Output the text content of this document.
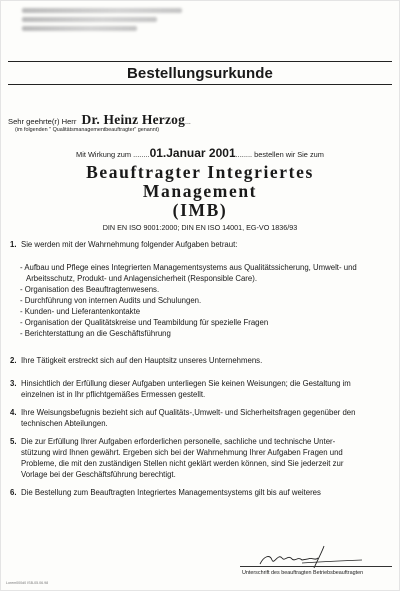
Bestellungsurkunde
Sehr geehrte(r) Herr Dr. Heinz Herzog...
(im folgenden " Qualitätsmanagementbeauftragter" genannt)
Mit Wirkung zum ........01.Januar 2001........ bestellen wir Sie zum
Beauftragter Integriertes
Management
(IMB)
DIN EN ISO 9001:2000; DIN EN ISO 14001, EG-VO 1836/93
1. Sie werden mit der Wahrnehmung folgender Aufgaben betraut:
- Aufbau und Pflege eines Integrierten Managementsystems aus Qualitätssicherung, Umwelt- und
Arbeitsschutz, Produkt- und Anlagensicherheit (Responsible Care).
- Organisation des Beauftragtenwesens.
- Durchführung von internen Audits und Schulungen.
- Kunden- und Lieferantenkontakte
- Organisation der Qualitätskreise und Teambildung für spezielle Fragen
- Berichterstattung an die Geschäftsführung
2. Ihre Tätigkeit erstreckt sich auf den Hauptsitz unseres Unternehmens.
3. Hinsichtlich der Erfüllung dieser Aufgaben unterliegen Sie keinen Weisungen; die Gestaltung im
einzelnen ist in Ihr pflichtgemäßes Ermessen gestellt.
4. Ihre Weisungsbefugnis bezieht sich auf Qualitäts-,Umwelt- und Sicherheitsfragen gegenüber den
technischen Abteilungen.
5. Die zur Erfüllung Ihrer Aufgaben erforderlichen personelle, sachliche und technische Unter-
stützung wird Ihnen gewährt. Ergeben sich bei der Wahrnehmung Ihrer Aufgaben Fragen und
Probleme, die mit den zuständigen Stellen nicht geklärt werden können, sind Sie jederzeit zur
Vorlage bei der Geschäftsführung berechtigt.
6. Die Bestellung zum Beauftragten Integriertes Managementsystems gilt bis auf weiteres
Unterschrift des beauftragten Betriebsbeauftragten
Lorem000d0 ISB-05.06.98
